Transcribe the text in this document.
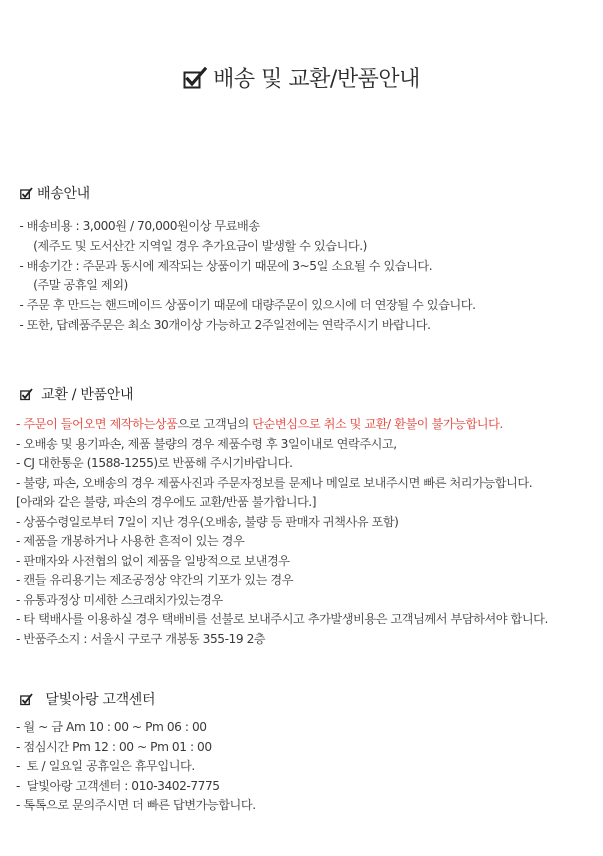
배송 및 교환/반품안내
배송안내
- 배송비용 : 3,000원 / 70,000원이상 무료배송
(제주도 및 도서산간 지역일 경우 추가요금이 발생할 수 있습니다.)
- 배송기간 : 주문과 동시에 제작되는 상품이기 때문에 3~5일 소요될 수 있습니다.
(주말 공휴일 제외)
- 주문 후 만드는 핸드메이드 상품이기 때문에 대량주문이 있으시에 더 연장될 수 있습니다.
- 또한, 답례품주문은 최소 30개이상 가능하고 2주일전에는 연락주시기 바랍니다.
교환 / 반품안내
- 주문이 들어오면 제작하는상품으로 고객님의 단순변심으로 취소 및 교환/ 환불이 불가능합니다.
- 오배송 및 용기파손, 제품 불량의 경우 제품수령 후 3일이내로 연락주시고,
- CJ 대한통운 (1588-1255)로 반품해 주시기바랍니다.
- 불량, 파손, 오배송의 경우 제품사진과 주문자정보를 문제나 메일로 보내주시면 빠른 처리가능합니다.
[아래와 같은 불량, 파손의 경우에도 교환/반품 불가합니다.]
- 상품수령일로부터 7일이 지난 경우(오배송, 불량 등 판매자 귀책사유 포함)
- 제품을 개봉하거나 사용한 흔적이 있는 경우
- 판매자와 사전협의 없이 제품을 일방적으로 보낸경우
- 캔들 유리용기는 제조공정상 약간의 기포가 있는 경우
- 유통과정상 미세한 스크래치가있는경우
- 타 택배사를 이용하실 경우 택배비를 선불로 보내주시고 추가발생비용은 고객님께서 부담하셔야 합니다.
- 반품주소지 : 서울시 구로구 개봉동 355-19 2층
달빛아랑 고객센터
- 월 ~ 금 Am 10 : 00 ~ Pm 06 : 00
- 점심시간 Pm 12 : 00 ~ Pm 01 : 00
-  토 / 일요일 공휴일은 휴무입니다.
-  달빛아랑 고객센터 : 010-3402-7775
- 톡톡으로 문의주시면 더 빠른 답변가능합니다.
